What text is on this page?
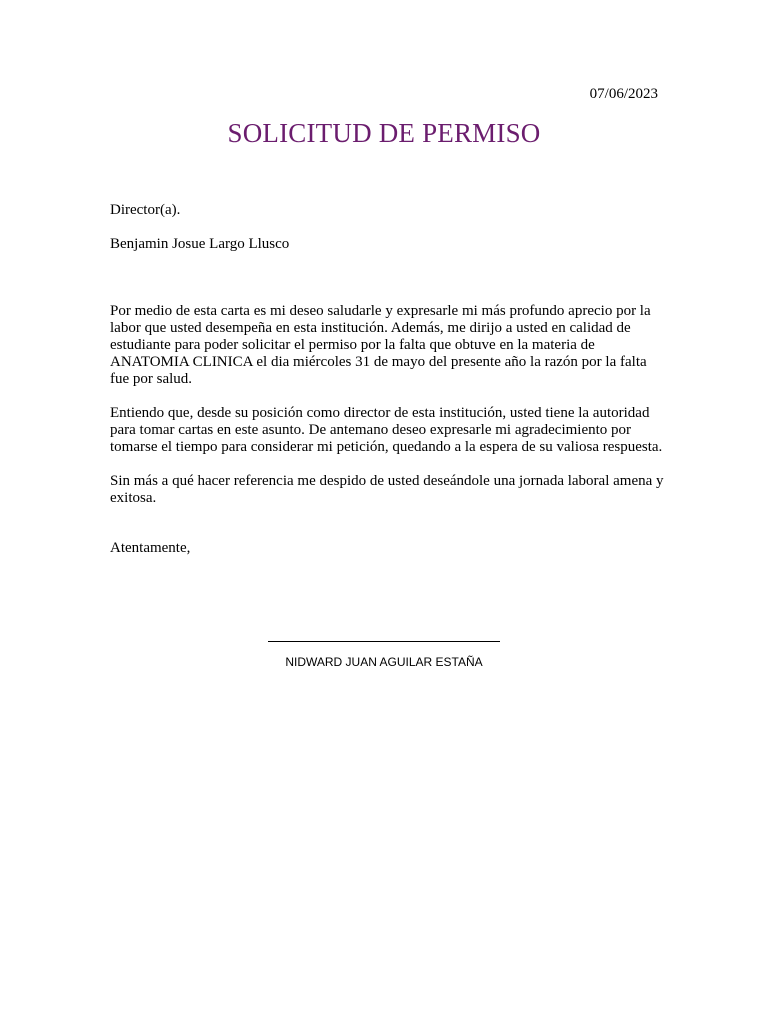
07/06/2023
SOLICITUD DE PERMISO
Director(a).
Benjamin Josue Largo Llusco

Por medio de esta carta es mi deseo saludarle y expresarle mi más profundo aprecio por la labor que usted desempeña en esta institución. Además, me dirijo a usted en calidad de estudiante para poder solicitar el permiso por la falta que obtuve en la materia de ANATOMIA CLINICA el dia miércoles 31 de mayo del presente año la razón por la falta fue por salud.

Entiendo que, desde su posición como director de esta institución, usted tiene la autoridad para tomar cartas en este asunto. De antemano deseo expresarle mi agradecimiento por tomarse el tiempo para considerar mi petición, quedando a la espera de su valiosa respuesta.

Sin más a qué hacer referencia me despido de usted deseándole una jornada laboral amena y exitosa.

Atentamente,
NIDWARD JUAN AGUILAR ESTAÑA
